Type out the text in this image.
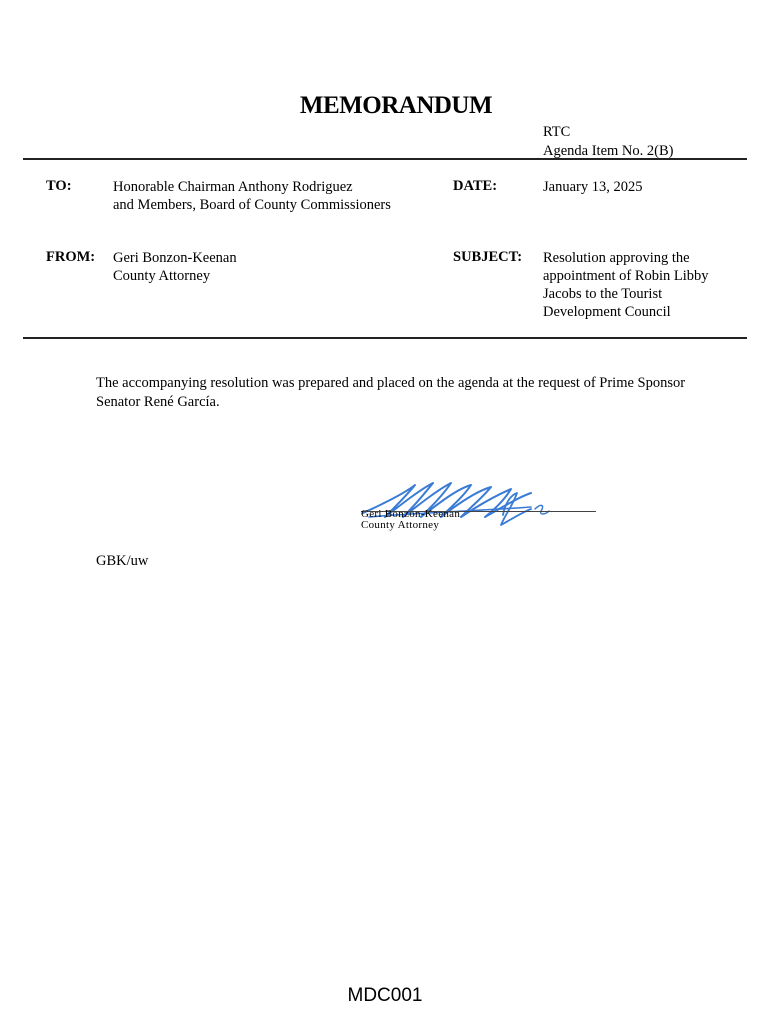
MEMORANDUM
RTC
Agenda Item No. 2(B)
TO:	Honorable Chairman Anthony Rodriguez
and Members, Board of County Commissioners
DATE:	January 13, 2025
FROM: Geri Bonzon-Keenan
County Attorney
SUBJECT: Resolution approving the
appointment of Robin Libby
Jacobs to the Tourist
Development Council
The accompanying resolution was prepared and placed on the agenda at the request of Prime Sponsor
Senator René García.
Geri Bonzon-Keenan
County Attorney
GBK/uw
MDC001
